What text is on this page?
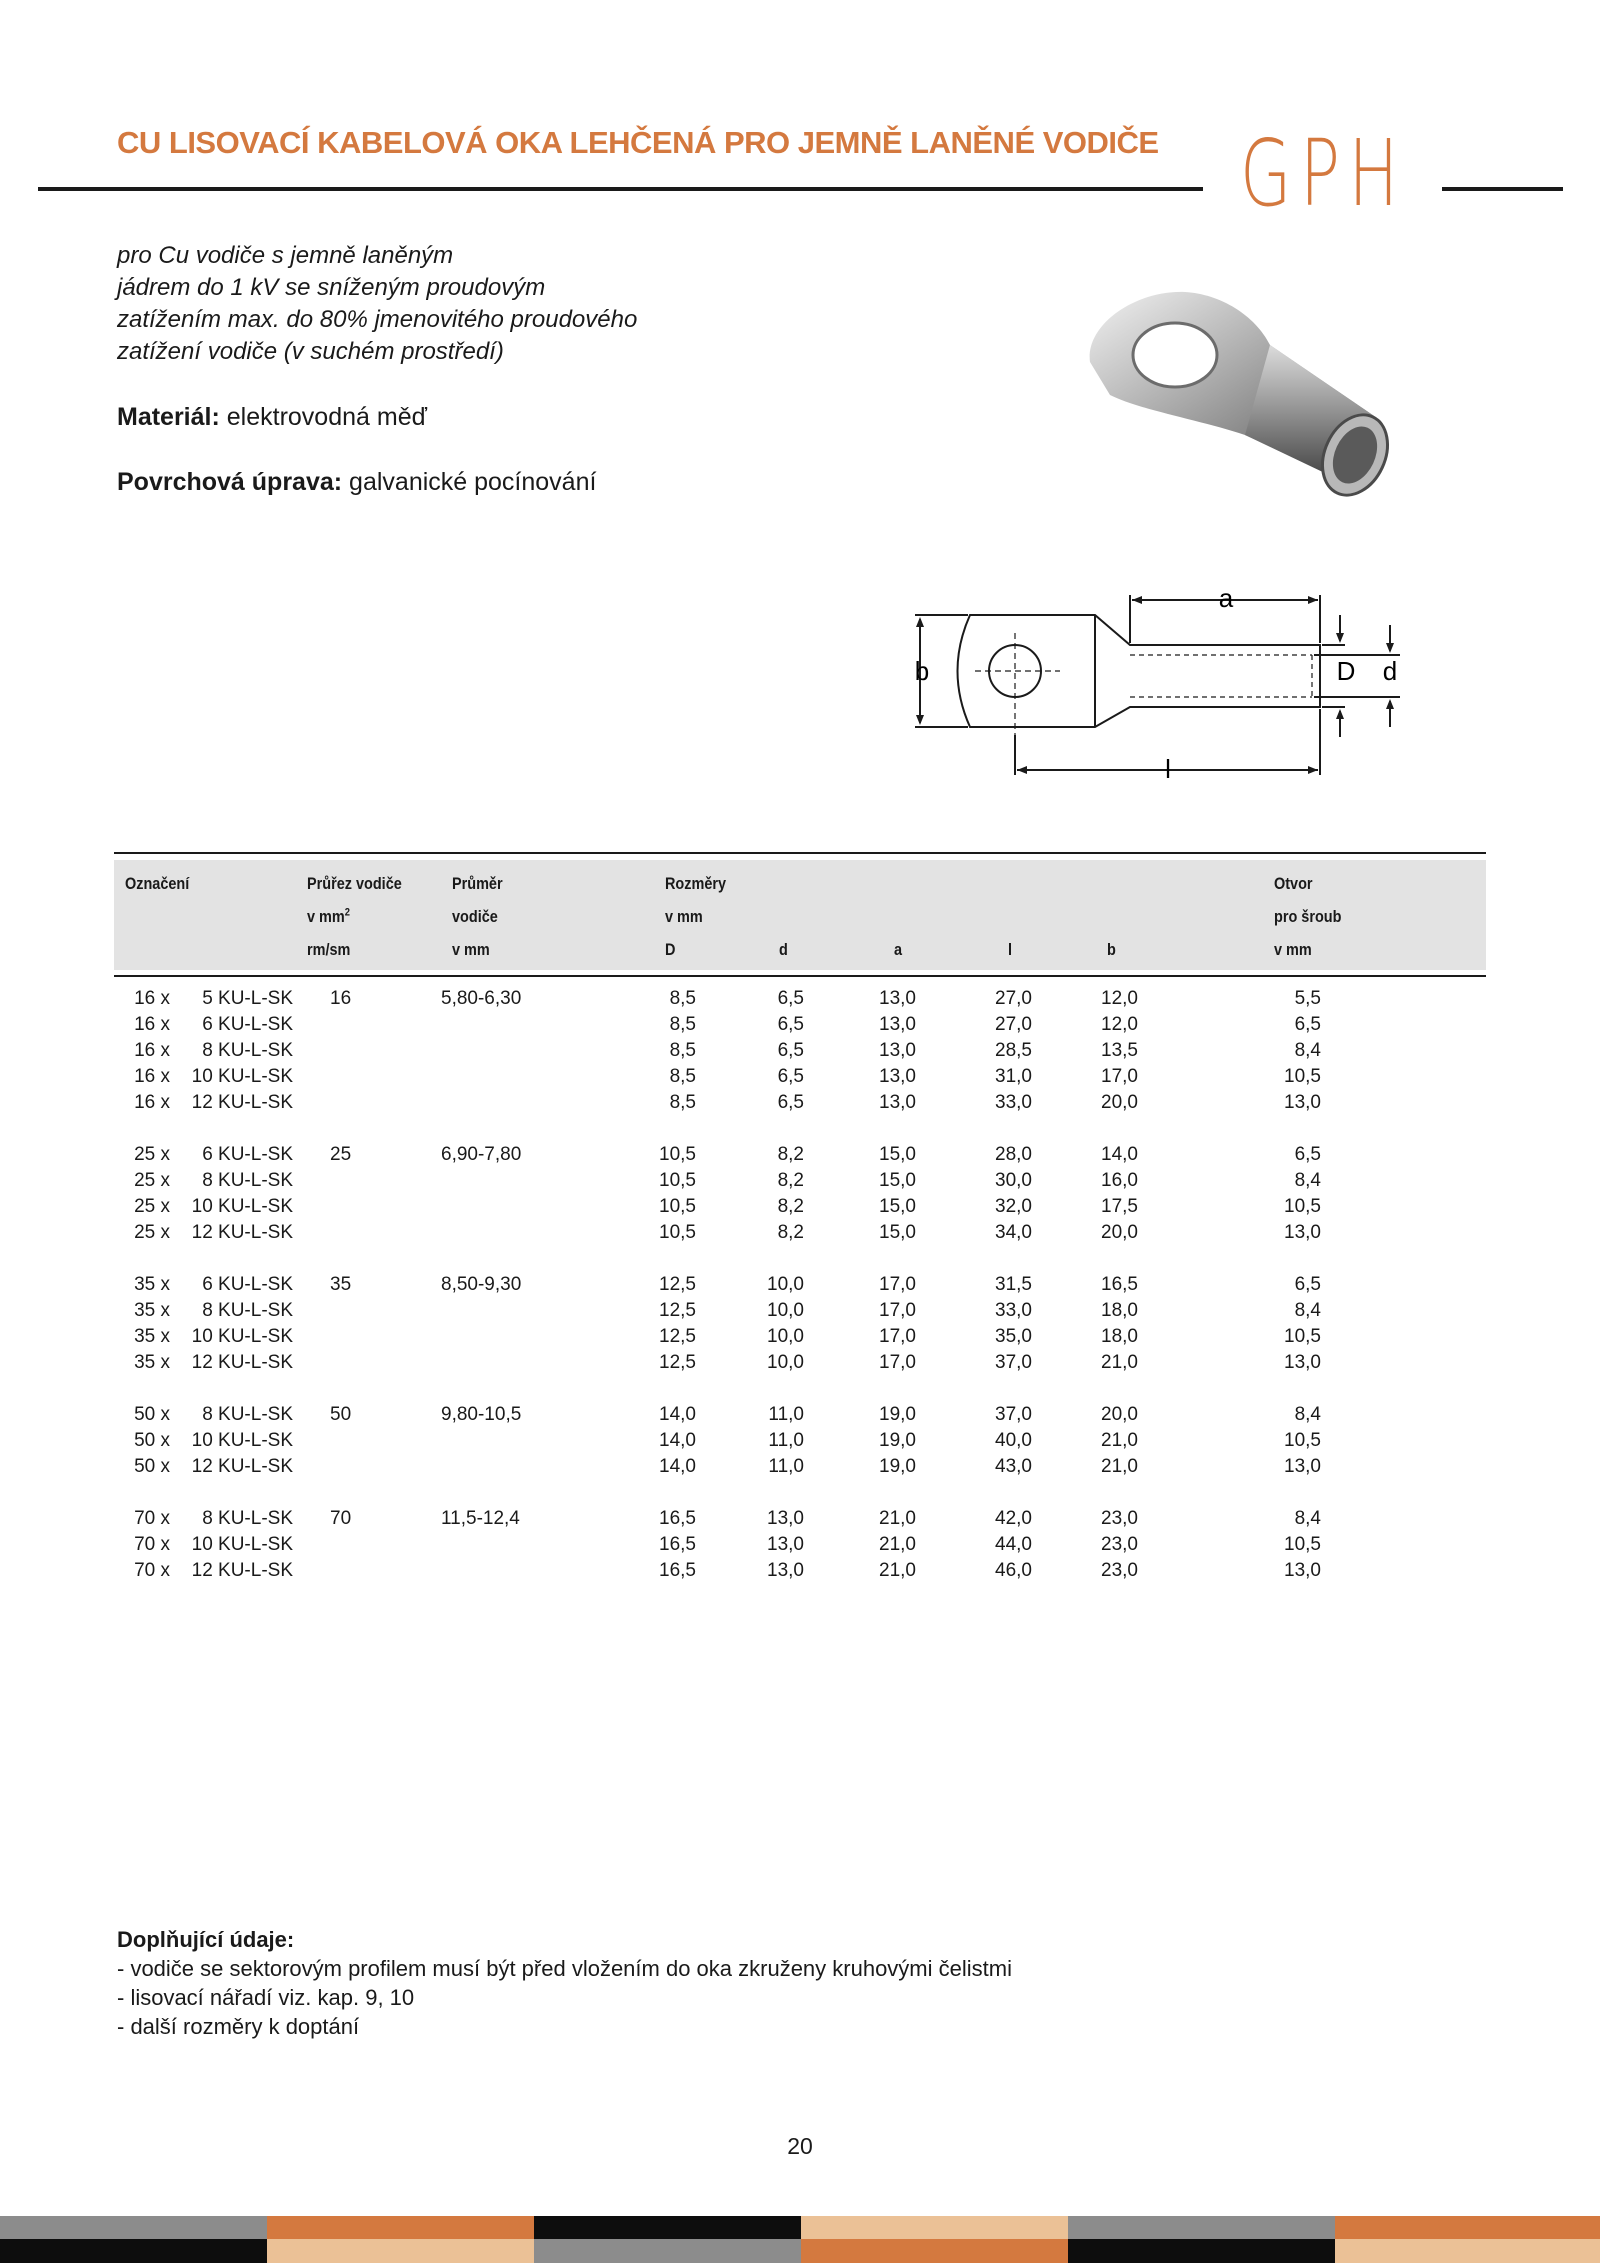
CU LISOVACÍ KABELOVÁ OKA LEHČENÁ PRO JEMNĚ LANĚNÉ VODIČE GPH
pro Cu vodiče s jemně laněným
jádrem do 1 kV se sníženým proudovým
zatížením max. do 80% jmenovitého proudového
zatížení vodiče (v suchém prostředí)
Materiál: elektrovodná měď
Povrchová úprava: galvanické pocínování
a
b	D d
l
Označení	Průřez vodiče
v $mm^2$
rm/sm
Průměr
vodiče
v mm
Rozměry
v mm
D	d	a	l	b
Otvor
pro šroub
v mm
16 x	5 KU-L-SK 16	5,80-6,30	8,5	6,5	13,0	27,0	12,0	5,5
16 x	6 KU-L-SK	8,5	6,5	13,0	27,0	12,0	6,5
16 x	8 KU-L-SK	8,5	6,5	13,0	28,5	13,5	8,4
16 x	10 KU-L-SK	8,5	6,5	13,0	31,0	17,0	10,5
16 x	12 KU-L-SK	8,5	6,5	13,0	33,0	20,0	13,0
25 x	6 KU-L-SK 25	6,90-7,80	10,5	8,2	15,0	28,0	14,0	6,5
25 x	8 KU-L-SK	10,5	8,2	15,0	30,0	16,0	8,4
25 x	10 KU-L-SK	10,5	8,2	15,0	32,0	17,5	10,5
25 x	12 KU-L-SK	10,5	8,2	15,0	34,0	20,0	13,0
35 x	6 KU-L-SK 35	8,50-9,30	12,5	10,0	17,0	31,5	16,5	6,5
35 x	8 KU-L-SK	12,5	10,0	17,0	33,0	18,0	8,4
35 x	10 KU-L-SK	12,5	10,0	17,0	35,0	18,0	10,5
35 x	12 KU-L-SK	12,5	10,0	17,0	37,0	21,0	13,0
50 x	8 KU-L-SK 50	9,80-10,5	14,0	11,0	19,0	37,0	20,0	8,4
50 x	10 KU-L-SK	14,0	11,0	19,0	40,0	21,0	10,5
50 x	12 KU-L-SK	14,0	11,0	19,0	43,0	21,0	13,0
70 x	8 KU-L-SK 70	11,5-12,4	16,5	13,0	21,0	42,0	23,0	8,4
70 x	10 KU-L-SK	16,5	13,0	21,0	44,0	23,0	10,5
70 x	12 KU-L-SK	16,5	13,0	21,0	46,0	23,0	13,0
Doplňující údaje:
- vodiče se sektorovým profilem musí být před vložením do oka zkruženy kruhovými čelistmi
- lisovací nářadí viz. kap. 9, 10
- další rozměry k doptání
20
